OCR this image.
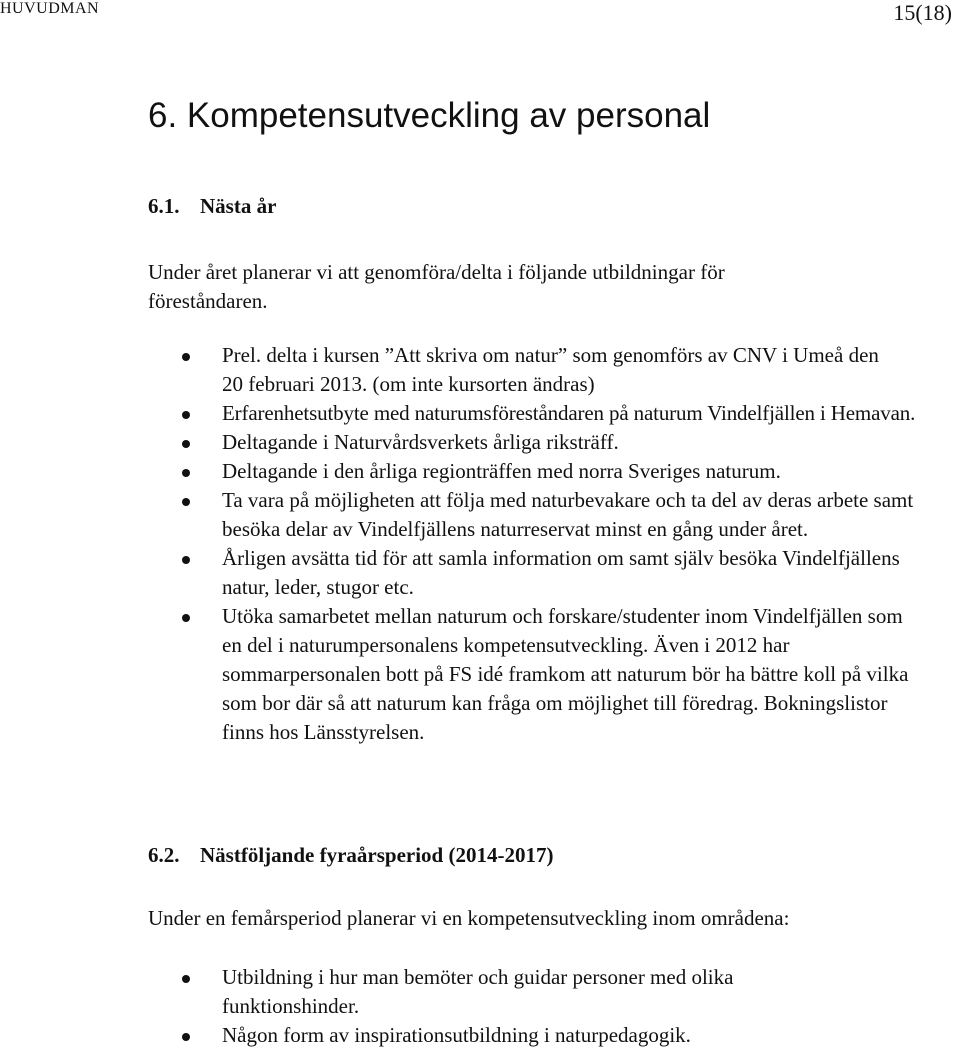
HUVUDMAN	15(18)
6. Kompetensutveckling av personal
6.1. Nästa år

Under året planerar vi att genomföra/delta i följande utbildningar för föreståndaren.

Prel. delta i kursen ”Att skriva om natur” som genomförs av CNV i Umeå den 20 februari 2013. (om inte kursorten ändras)
Erfarenhetsutbyte med naturumsföreståndaren på naturum Vindelfjällen i Hemavan.
Deltagande i Naturvårdsverkets årliga riksträff.
Deltagande i den årliga regionträffen med norra Sveriges naturum.
Ta vara på möjligheten att följa med naturbevakare och ta del av deras arbete samt besöka delar av Vindelfjällens naturreservat minst en gång under året.
Årligen avsätta tid för att samla information om samt själv besöka Vindelfjällens natur, leder, stugor etc.
Utöka samarbetet mellan naturum och forskare/studenter inom Vindelfjällen som en del i naturumpersonalens kompetensutveckling. Även i 2012 har sommarpersonalen bott på FS idé framkom att naturum bör ha bättre koll på vilka som bor där så att naturum kan fråga om möjlighet till föredrag. Bokningslistor finns hos Länsstyrelsen.
6.2. Nästföljande fyraårsperiod (2014-2017)

Under en femårsperiod planerar vi en kompetensutveckling inom områdena:

Utbildning i hur man bemöter och guidar personer med olika funktionshinder.
Någon form av inspirationsutbildning i naturpedagogik.
